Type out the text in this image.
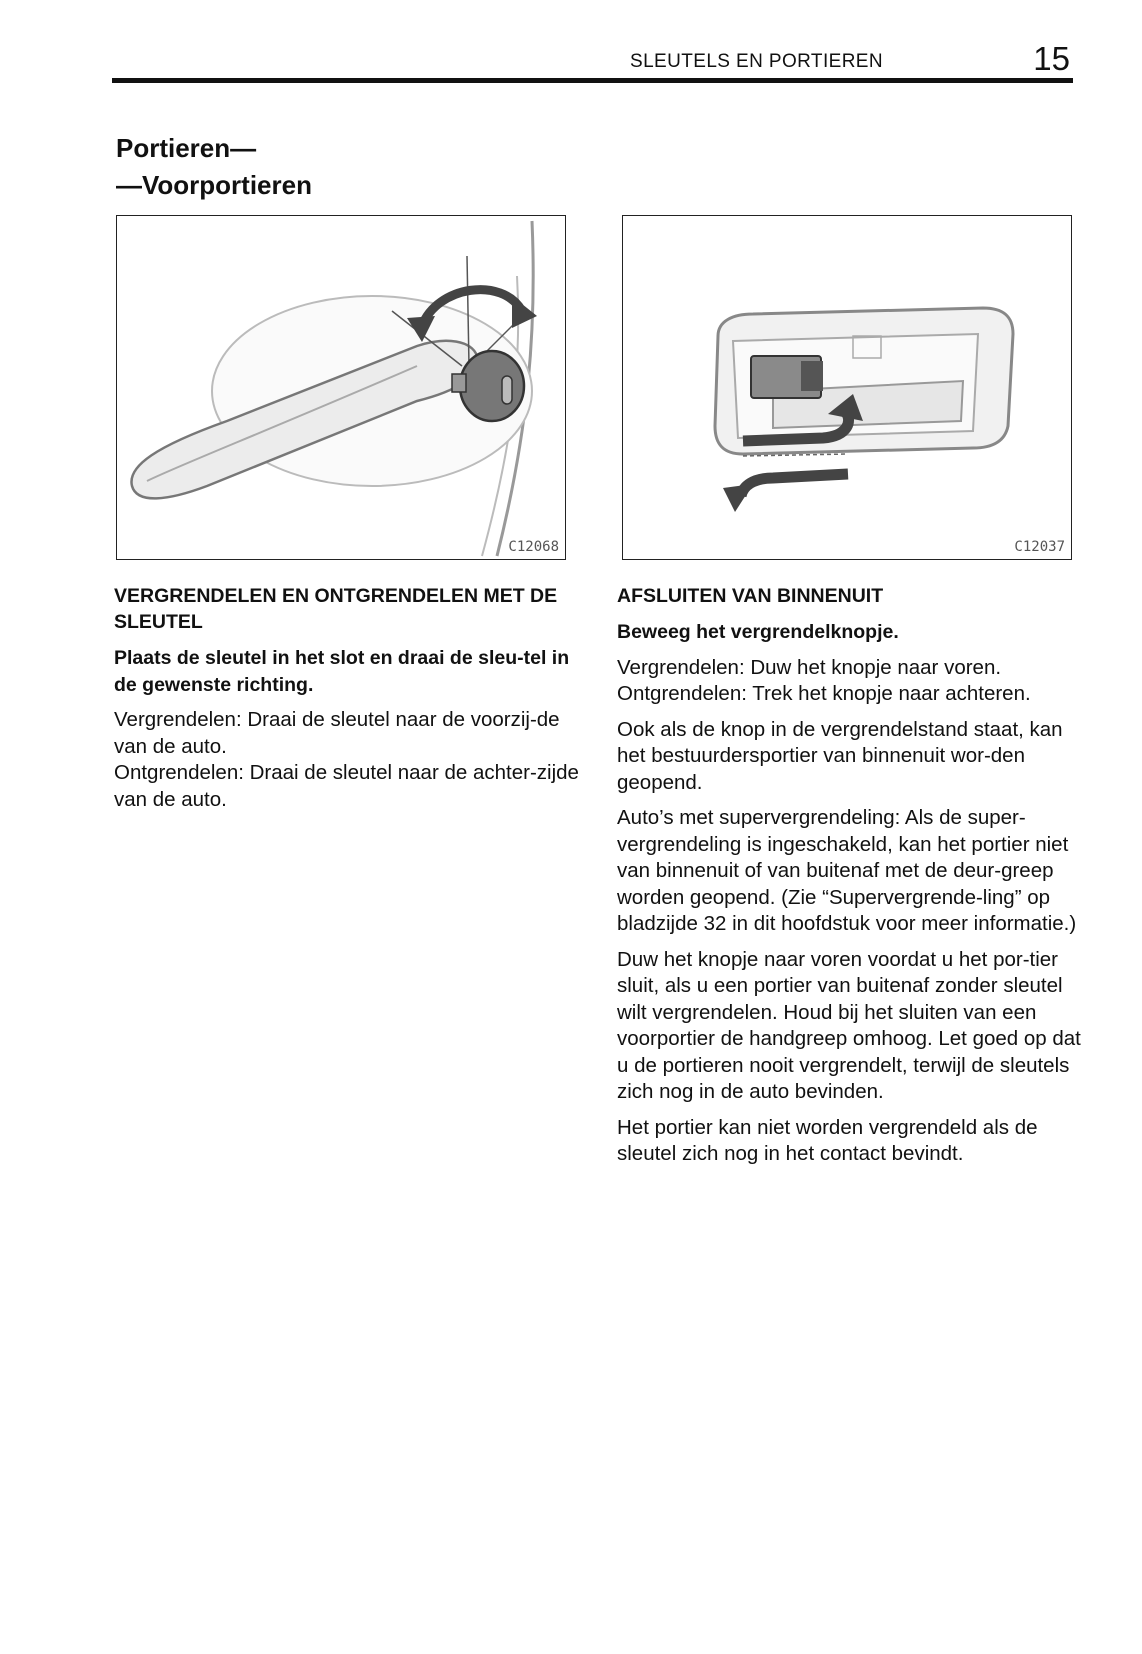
SLEUTELS EN PORTIEREN	15
Portieren—
—Voorportieren
C12068	C12037

VERGRENDELEN EN ONTGRENDELEN MET DE SLEUTEL

Plaats de sleutel in het slot en draai de sleu-tel in de gewenste richting.

Vergrendelen: Draai de sleutel naar de voorzij-de van de auto.

Ontgrendelen: Draai de sleutel naar de achter-zijde van de auto.

AFSLUITEN VAN BINNENUIT

Beweeg het vergrendelknopje.

Vergrendelen: Duw het knopje naar voren.

Ontgrendelen: Trek het knopje naar achteren.

Ook als de knop in de vergrendelstand staat, kan het bestuurdersportier van binnenuit wor-den geopend.

Auto’s met supervergrendeling: Als de super-vergrendeling is ingeschakeld, kan het portier niet van binnenuit of van buitenaf met de deur-greep worden geopend. (Zie “Supervergrende-ling” op bladzijde 32 in dit hoofdstuk voor meer informatie.)

Duw het knopje naar voren voordat u het por-tier sluit, als u een portier van buitenaf zonder sleutel wilt vergrendelen. Houd bij het sluiten van een voorportier de handgreep omhoog. Let goed op dat u de portieren nooit vergrendelt, terwijl de sleutels zich nog in de auto bevinden.

Het portier kan niet worden vergrendeld als de sleutel zich nog in het contact bevindt.
